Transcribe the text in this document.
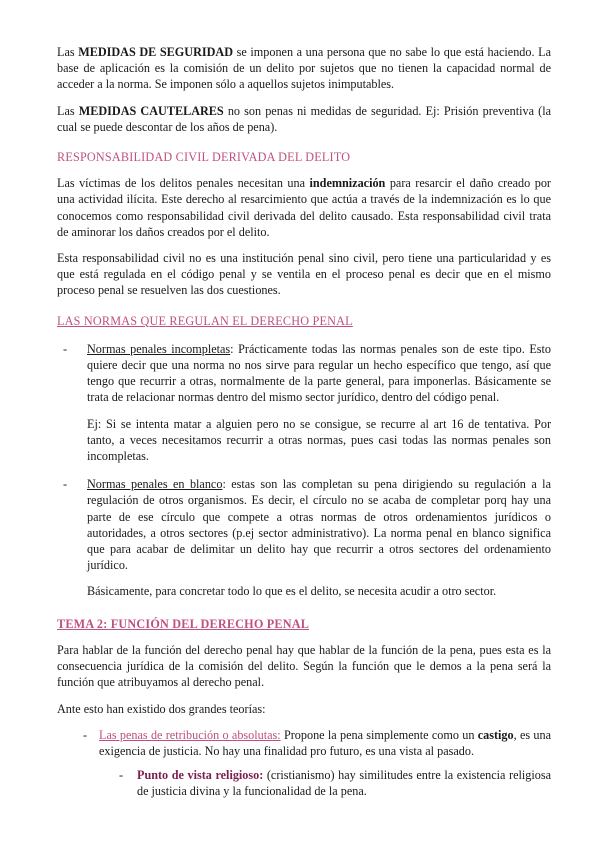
Las MEDIDAS DE SEGURIDAD se imponen a una persona que no sabe lo que está haciendo. La base de aplicación es la comisión de un delito por sujetos que no tienen la capacidad normal de acceder a la norma. Se imponen sólo a aquellos sujetos inimputables.

Las MEDIDAS CAUTELARES no son penas ni medidas de seguridad. Ej: Prisión preventiva (la cual se puede descontar de los años de pena).

RESPONSABILIDAD CIVIL DERIVADA DEL DELITO

Las víctimas de los delitos penales necesitan una indemnización para resarcir el daño creado por una actividad ilícita. Este derecho al resarcimiento que actúa a través de la indemnización es lo que conocemos como responsabilidad civil derivada del delito causado. Esta responsabilidad civil trata de aminorar los daños creados por el delito.

Esta responsabilidad civil no es una institución penal sino civil, pero tiene una particularidad y es que está regulada en el código penal y se ventila en el proceso penal es decir que en el mismo proceso penal se resuelven las dos cuestiones.

LAS NORMAS QUE REGULAN EL DERECHO PENAL
- Normas penales incompletas: Prácticamente todas las normas penales son de este tipo. Esto quiere decir que una norma no nos sirve para regular un hecho específico que tengo, así que tengo que recurrir a otras, normalmente de la parte general, para imponerlas. Básicamente se trata de relacionar normas dentro del mismo sector jurídico, dentro del código penal.

Ej: Si se intenta matar a alguien pero no se consigue, se recurre al art 16 de tentativa. Por tanto, a veces necesitamos recurrir a otras normas, pues casi todas las normas penales son incompletas.

- Normas penales en blanco: estas son las completan su pena dirigiendo su regulación a la regulación de otros organismos. Es decir, el círculo no se acaba de completar porq hay una parte de ese círculo que compete a otras normas de otros ordenamientos jurídicos o autoridades, a otros sectores (p.ej sector administrativo). La norma penal en blanco significa que para acabar de delimitar un delito hay que recurrir a otros sectores del ordenamiento jurídico.

Básicamente, para concretar todo lo que es el delito, se necesita acudir a otro sector.

TEMA 2: FUNCIÓN DEL DERECHO PENAL

Para hablar de la función del derecho penal hay que hablar de la función de la pena, pues esta es la consecuencia jurídica de la comisión del delito. Según la función que le demos a la pena será la función que atribuyamos al derecho penal.

Ante esto han existido dos grandes teorías:

- Las penas de retribución o absolutas: Propone la pena simplemente como un castigo, es una exigencia de justicia. No hay una finalidad pro futuro, es una vista al pasado.

- Punto de vista religioso: (cristianismo) hay similitudes entre la existencia religiosa de justicia divina y la funcionalidad de la pena.
